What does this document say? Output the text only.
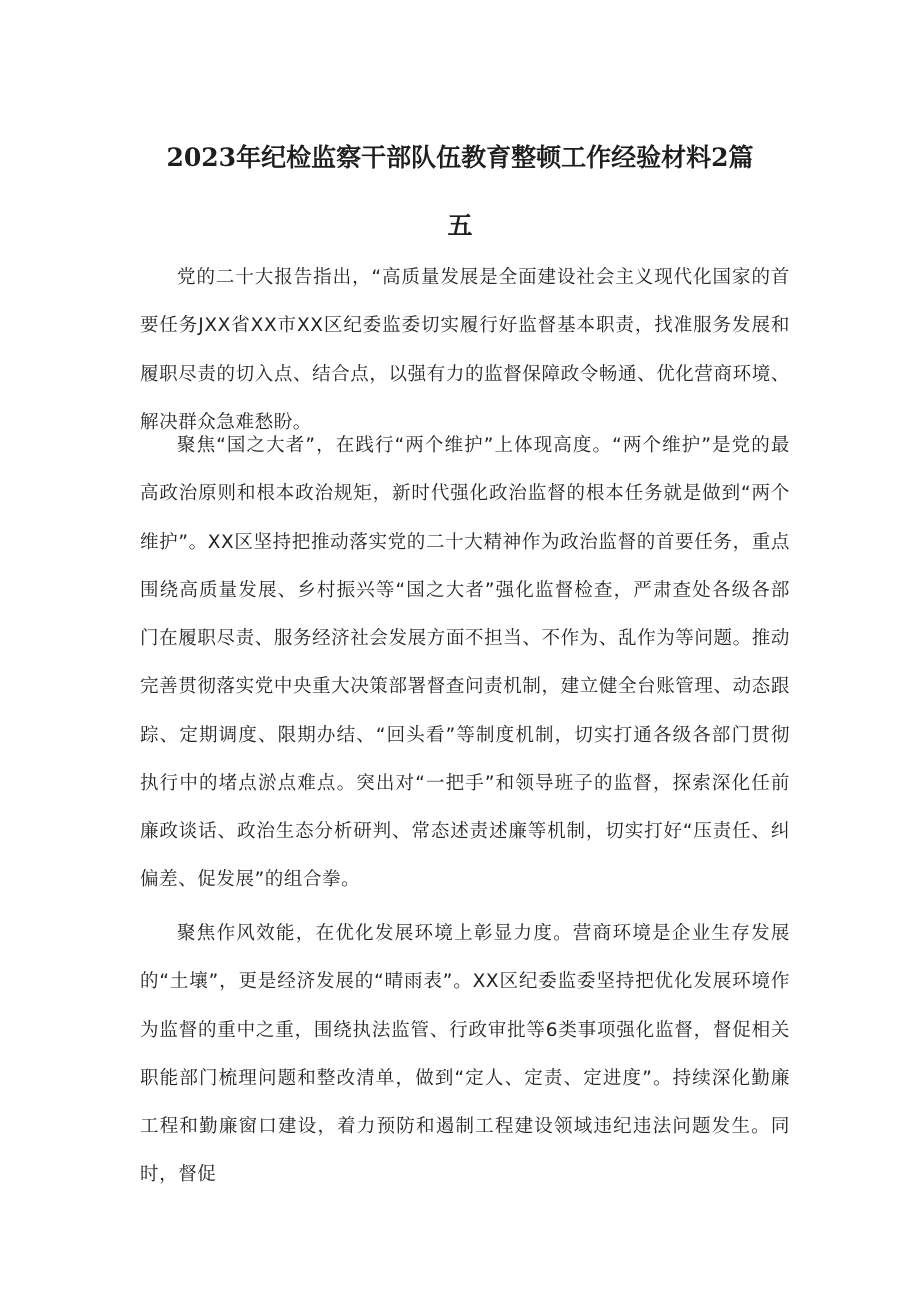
2023年纪检监察干部队伍教育整顿工作经验材料2篇
五

党的二十大报告指出，“高质量发展是全面建设社会主义现代化国家的首要任务JXX省XX市XX区纪委监委切实履行好监督基本职责，找准服务发展和履职尽责的切入点、结合点，以强有力的监督保障政令畅通、优化营商环境、解决群众急难愁盼。

聚焦“国之大者”，在践行“两个维护”上体现高度。“两个维护”是党的最高政治原则和根本政治规矩，新时代强化政治监督的根本任务就是做到“两个维护”。XX区坚持把推动落实党的二十大精神作为政治监督的首要任务，重点围绕高质量发展、乡村振兴等“国之大者”强化监督检查，严肃查处各级各部门在履职尽责、服务经济社会发展方面不担当、不作为、乱作为等问题。推动完善贯彻落实党中央重大决策部署督查问责机制，建立健全台账管理、动态跟踪、定期调度、限期办结、“回头看”等制度机制，切实打通各级各部门贯彻执行中的堵点淤点难点。突出对“一把手”和领导班子的监督，探索深化任前廉政谈话、政治生态分析研判、常态述责述廉等机制，切实打好“压责任、纠偏差、促发展”的组合拳。

聚焦作风效能，在优化发展环境上彰显力度。营商环境是企业生存发展的“土壤”，更是经济发展的“晴雨表”。XX区纪委监委坚持把优化发展环境作为监督的重中之重，围绕执法监管、行政审批等6类事项强化监督，督促相关职能部门梳理问题和整改清单，做到“定人、定责、定进度”。持续深化勤廉工程和勤廉窗口建设，着力预防和遏制工程建设领域违纪违法问题发生。同时，督促
